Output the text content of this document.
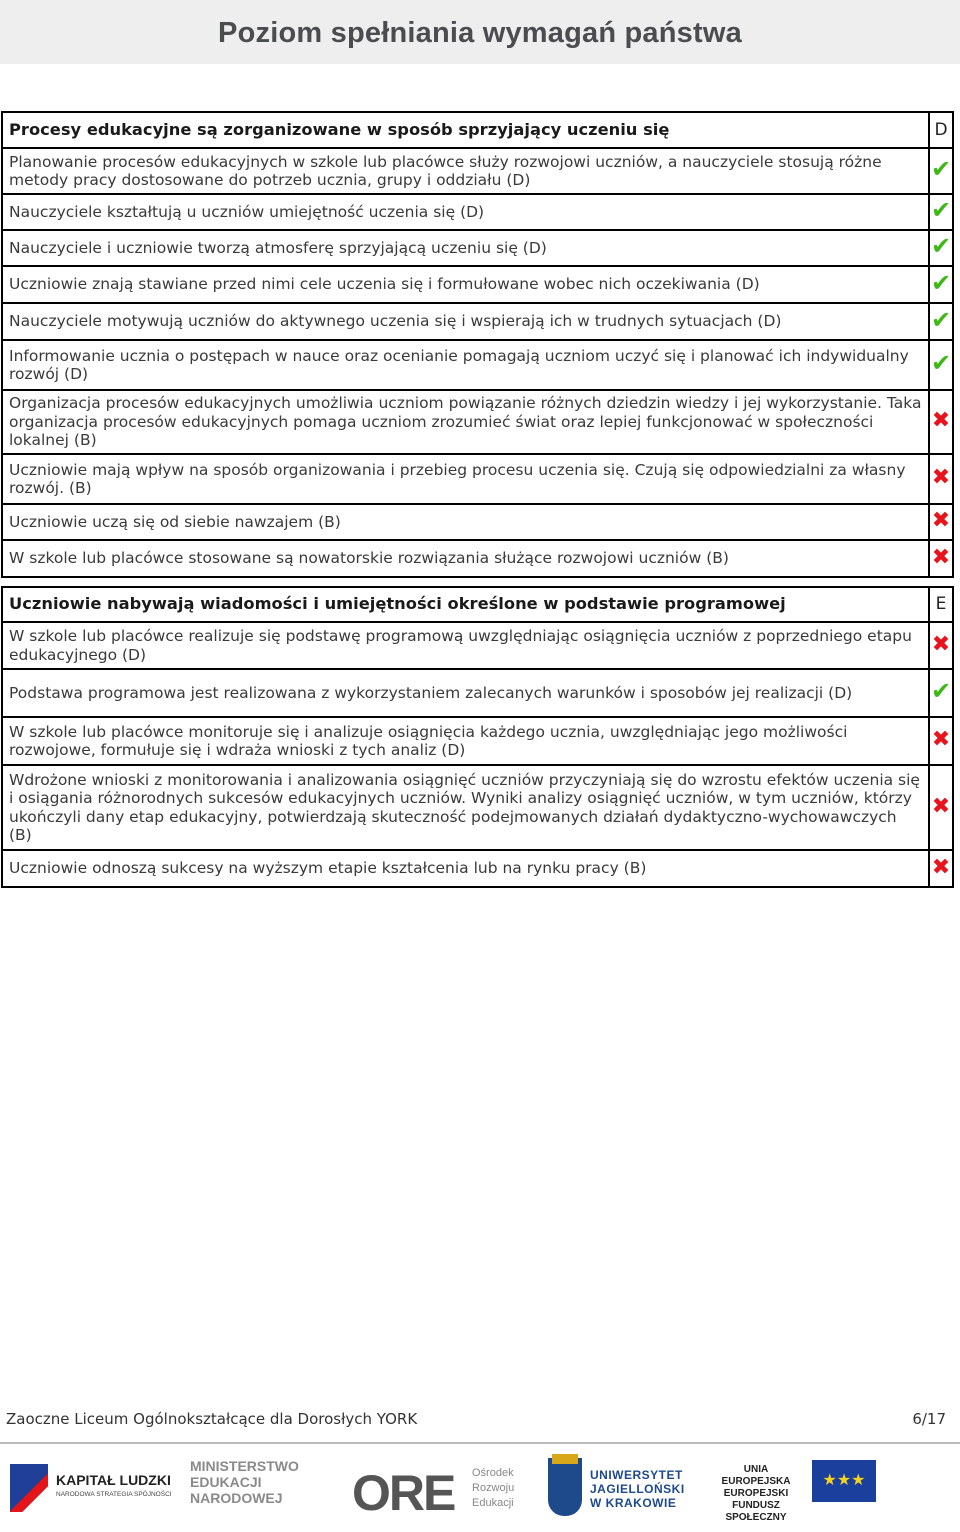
Poziom spełniania wymagań państwa
Procesy edukacyjne są zorganizowane w sposób sprzyjający uczeniu się	D
Planowanie procesów edukacyjnych w szkole lub placówce służy rozwojowi uczniów, a nauczyciele stosują różne metody pracy dostosowane do potrzeb ucznia, grupy i oddziału (D)	✔
Nauczyciele kształtują u uczniów umiejętność uczenia się (D)	✔
Nauczyciele i uczniowie tworzą atmosferę sprzyjającą uczeniu się (D)	✔
Uczniowie znają stawiane przed nimi cele uczenia się i formułowane wobec nich oczekiwania (D)	✔
Nauczyciele motywują uczniów do aktywnego uczenia się i wspierają ich w trudnych sytuacjach (D)	✔
Informowanie ucznia o postępach w nauce oraz ocenianie pomagają uczniom uczyć się i planować ich indywidualny rozwój (D)	✔
Organizacja procesów edukacyjnych umożliwia uczniom powiązanie różnych dziedzin wiedzy i jej wykorzystanie. Taka organizacja procesów edukacyjnych pomaga uczniom zrozumieć świat oraz lepiej funkcjonować w społeczności lokalnej (B)	✖
Uczniowie mają wpływ na sposób organizowania i przebieg procesu uczenia się. Czują się odpowiedzialni za własny rozwój. (B)	✖
Uczniowie uczą się od siebie nawzajem (B)	✖
W szkole lub placówce stosowane są nowatorskie rozwiązania służące rozwojowi uczniów (B)	✖
Uczniowie nabywają wiadomości i umiejętności określone w podstawie programowej	E
W szkole lub placówce realizuje się podstawę programową uwzględniając osiągnięcia uczniów z poprzedniego etapu edukacyjnego (D)	✖
Podstawa programowa jest realizowana z wykorzystaniem zalecanych warunków i sposobów jej realizacji (D)	✔
W szkole lub placówce monitoruje się i analizuje osiągnięcia każdego ucznia, uwzględniając jego możliwości rozwojowe, formułuje się i wdraża wnioski z tych analiz (D)	✖
Wdrożone wnioski z monitorowania i analizowania osiągnięć uczniów przyczyniają się do wzrostu efektów uczenia się i osiągania różnorodnych sukcesów edukacyjnych uczniów. Wyniki analizy osiągnięć uczniów, w tym uczniów, którzy ukończyli dany etap edukacyjny, potwierdzają skuteczność podejmowanych działań dydaktyczno-wychowawczych (B)	✖
Uczniowie odnoszą sukcesy na wyższym etapie kształcenia lub na rynku pracy (B)	✖
Zaoczne Liceum Ogólnokształcące dla Dorosłych YORK	6/17
KAPITAŁ LUDZKI
NARODOWA STRATEGIA SPÓJNOŚCI
MINISTERSTWO
EDUKACJI
NARODOWEJ	ORE Ośrodek
Rozwoju
Edukacji
UNIWERSYTET
JAGIELLOŃSKI
W KRAKOWIE
UNIA EUROPEJSKA
EUROPEJSKI
FUNDUSZ SPOŁECZNY
★★★
